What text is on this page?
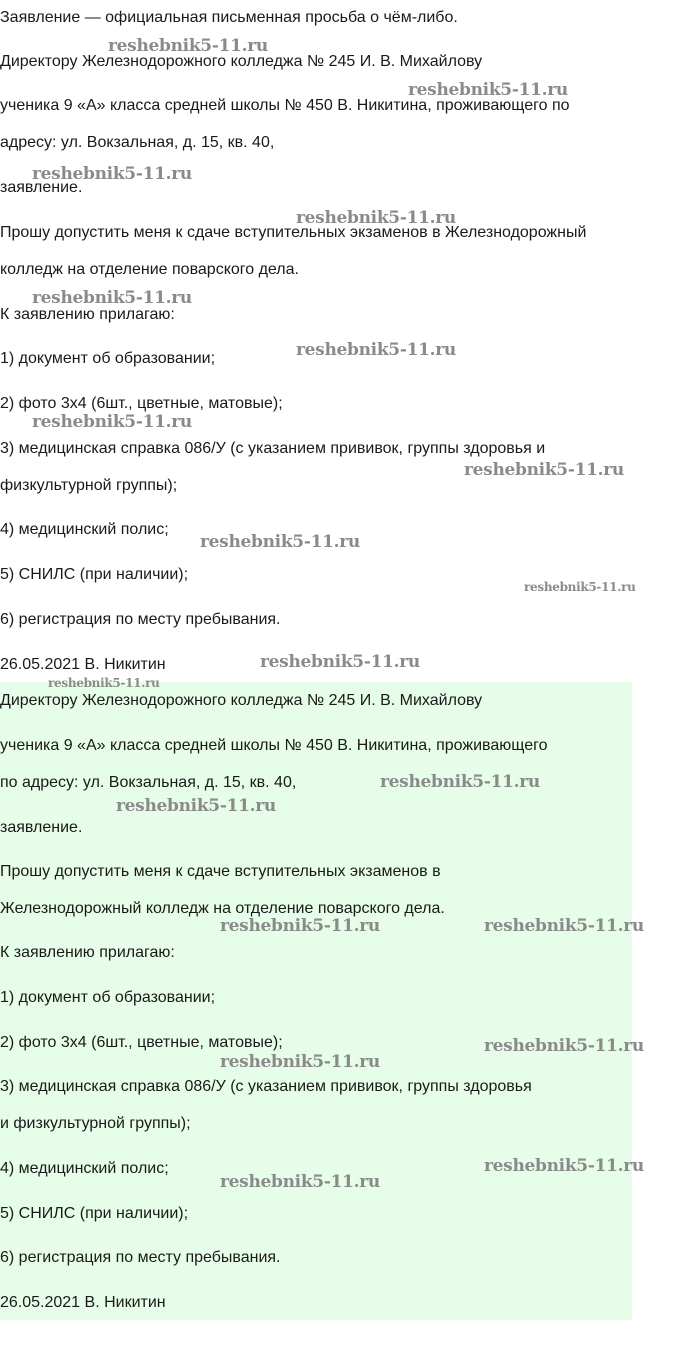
Заявление — официальная письменная просьба о чём-либо.
Директору Железнодорожного колледжа № 245 И. В. Михайлову
ученика 9 «А» класса средней школы № 450 В. Никитина, проживающего по
адресу: ул. Вокзальная, д. 15, кв. 40,
заявление.
Прошу допустить меня к сдаче вступительных экзаменов в Железнодорожный
колледж на отделение поварского дела.
К заявлению прилагаю:
1) документ об образовании;
2) фото 3х4 (6шт., цветные, матовые);
3) медицинская справка 086/У (с указанием прививок, группы здоровья и
физкультурной группы);
4) медицинский полис;
5) СНИЛС (при наличии);
6) регистрация по месту пребывания.
26.05.2021 В. Никитин
Директору Железнодорожного колледжа № 245 И. В. Михайлову
ученика 9 «А» класса средней школы № 450 В. Никитина, проживающего
по адресу: ул. Вокзальная, д. 15, кв. 40,
заявление.
Прошу допустить меня к сдаче вступительных экзаменов в
Железнодорожный колледж на отделение поварского дела.
К заявлению прилагаю:
1) документ об образовании;
2) фото 3х4 (6шт., цветные, матовые);
3) медицинская справка 086/У (с указанием прививок, группы здоровья
и физкультурной группы);
4) медицинский полис;
5) СНИЛС (при наличии);
6) регистрация по месту пребывания.
26.05.2021 В. Никитин
reshebnik5-11.ru
reshebnik5-11.ru
reshebnik5-11.ru
reshebnik5-11.ru
reshebnik5-11.ru
reshebnik5-11.ru
reshebnik5-11.ru
reshebnik5-11.ru
reshebnik5-11.ru
reshebnik5-11.ru
reshebnik5-11.ru
reshebnik5-11.ru
reshebnik5-11.ru
reshebnik5-11.ru
reshebnik5-11.ru	reshebnik5-11.ru
reshebnik5-11.ru
reshebnik5-11.ru
reshebnik5-11.ru
reshebnik5-11.ru
